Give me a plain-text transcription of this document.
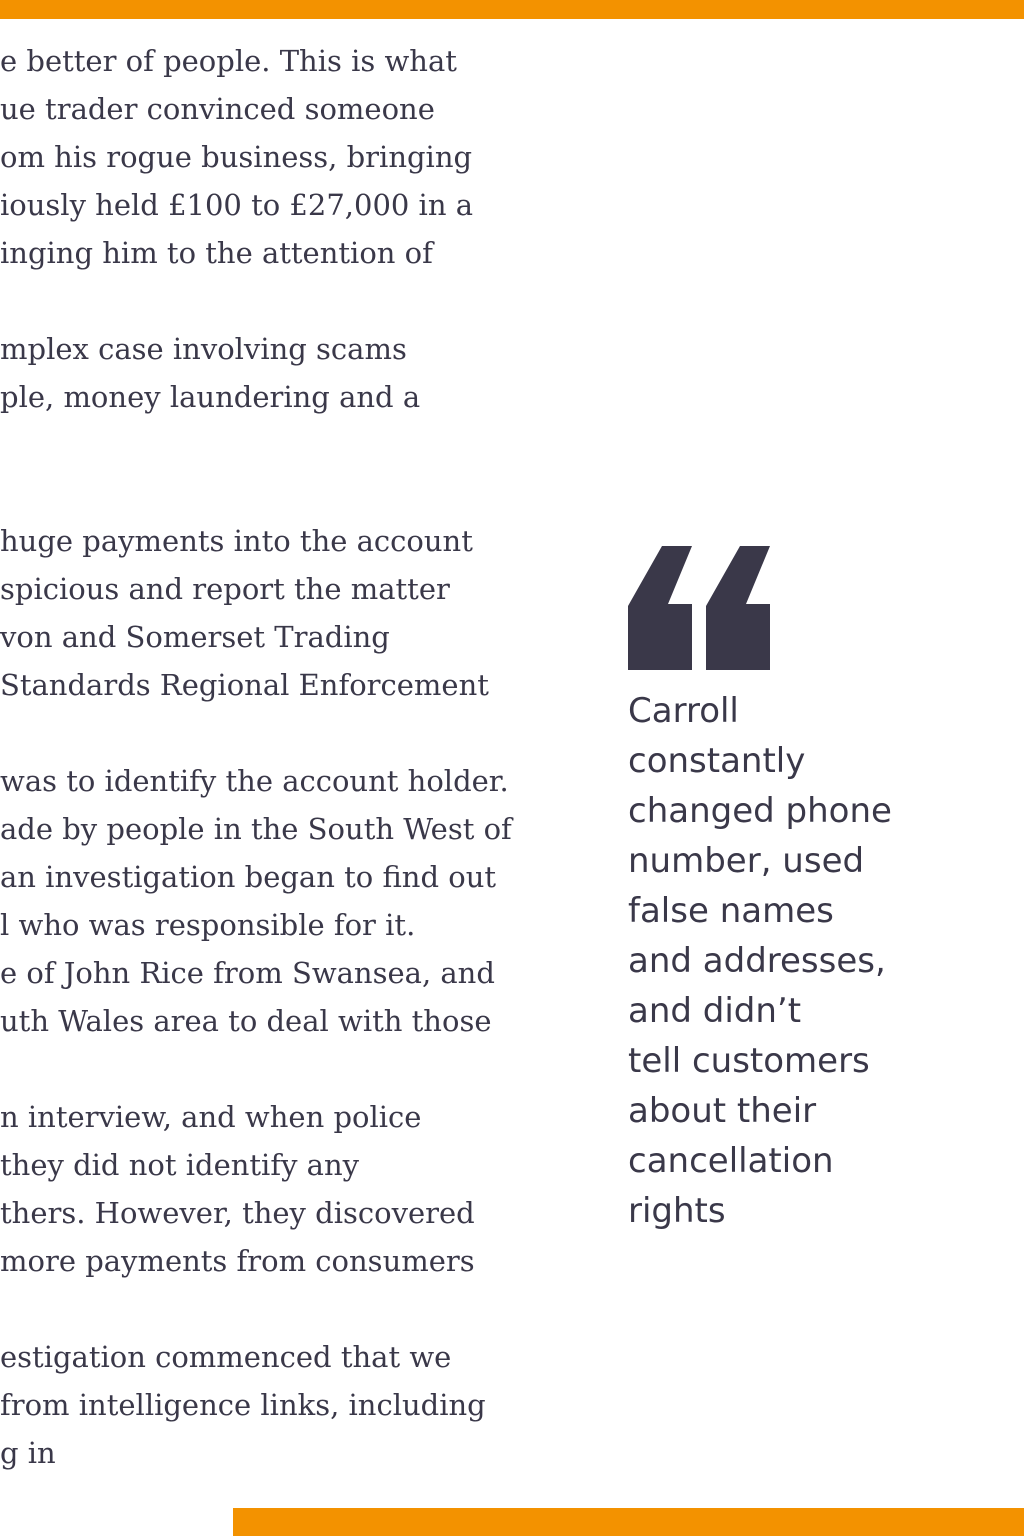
e better of people. This is what
ue trader convinced someone
om his rogue business, bringing
iously held £100 to £27,000 in a
inging him to the attention of
mplex case involving scams
ple, money laundering and a
huge payments into the account
spicious and report the matter
von and Somerset Trading
Standards Regional Enforcement
was to identify the account holder.
ade by people in the South West of
an investigation began to find out
l who was responsible for it.
e of John Rice from Swansea, and
uth Wales area to deal with those
n interview, and when police
they did not identify any
thers. However, they discovered
more payments from consumers
estigation commenced that we
from intelligence links, including
g in
Carroll
constantly
changed phone
number, used
false names
and addresses,
and didn’t
tell customers
about their
cancellation
rights
